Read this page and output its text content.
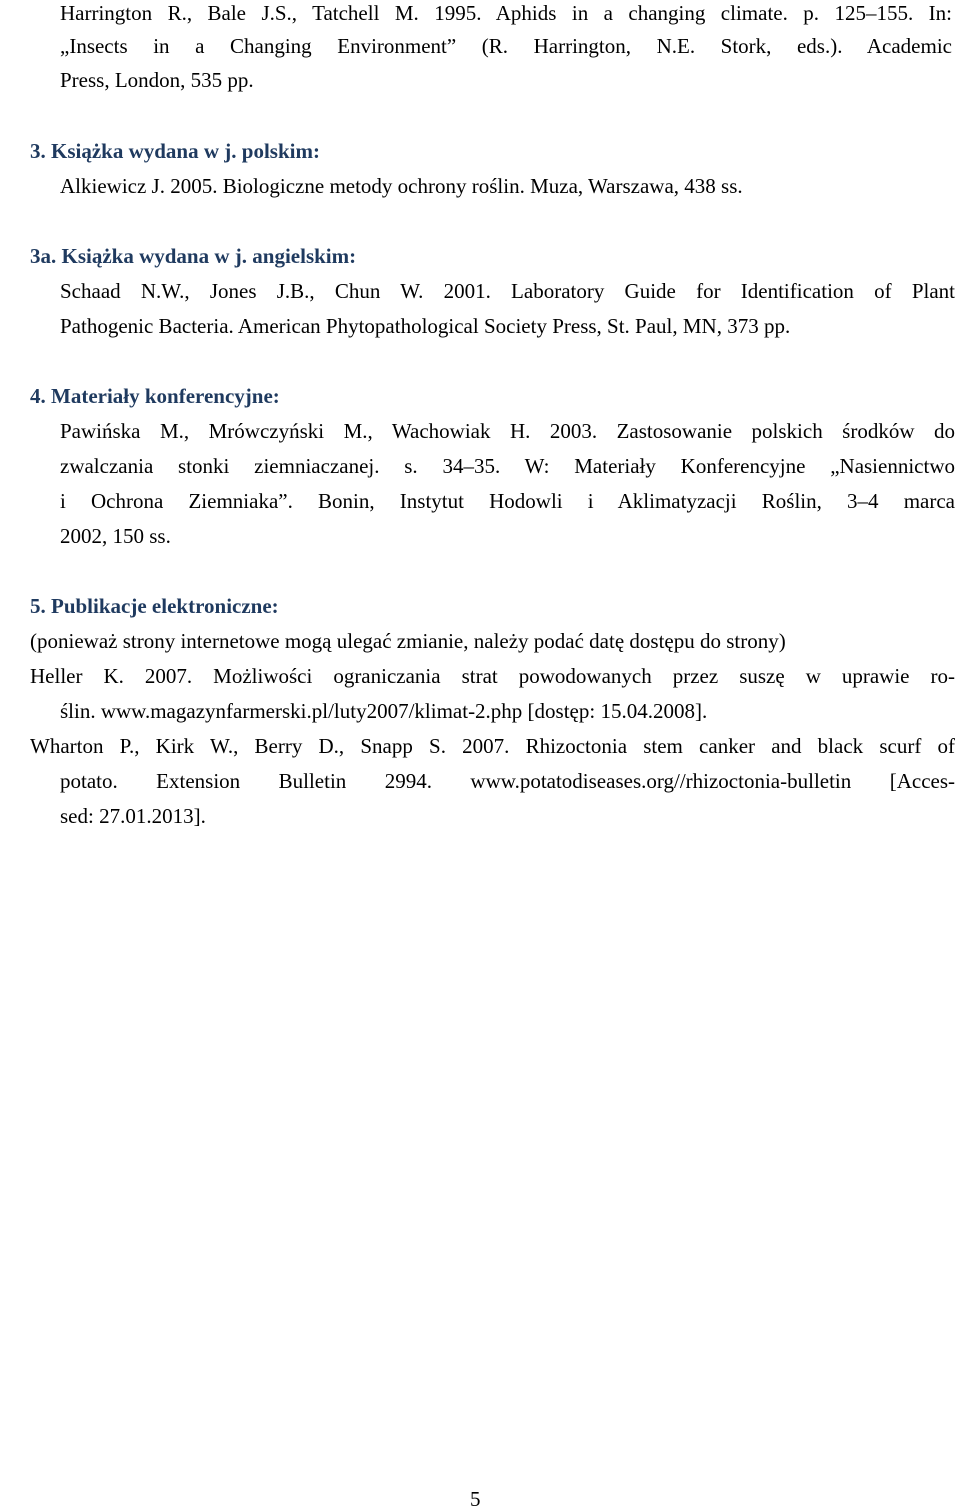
Harrington R., Bale J.S., Tatchell M. 1995. Aphids in a changing climate. p. 125–155. In:

„Insects in a Changing Environment” (R. Harrington, N.E. Stork, eds.). Academic

Press, London, 535 pp.

3. Książka wydana w j. polskim:

Alkiewicz J. 2005. Biologiczne metody ochrony roślin. Muza, Warszawa, 438 ss.

3a. Książka wydana w j. angielskim:

Schaad N.W., Jones J.B., Chun W. 2001. Laboratory Guide for Identification of Plant

Pathogenic Bacteria. American Phytopathological Society Press, St. Paul, MN, 373 pp.

4. Materiały konferencyjne:

Pawińska M., Mrówczyński M., Wachowiak H. 2003. Zastosowanie polskich środków do

zwalczania stonki ziemniaczanej. s. 34–35. W: Materiały Konferencyjne „Nasiennictwo

i Ochrona Ziemniaka”. Bonin, Instytut Hodowli i Aklimatyzacji Roślin, 3–4 marca

2002, 150 ss.

5. Publikacje elektroniczne:

(ponieważ strony internetowe mogą ulegać zmianie, należy podać datę dostępu do strony)

Heller K. 2007. Możliwości ograniczania strat powodowanych przez suszę w uprawie ro-

ślin. www.magazynfarmerski.pl/luty2007/klimat-2.php [dostęp: 15.04.2008].

Wharton P., Kirk W., Berry D., Snapp S. 2007. Rhizoctonia stem canker and black scurf of

potato. Extension Bulletin 2994. www.potatodiseases.org//rhizoctonia-bulletin [Acces-

sed: 27.01.2013].

5
